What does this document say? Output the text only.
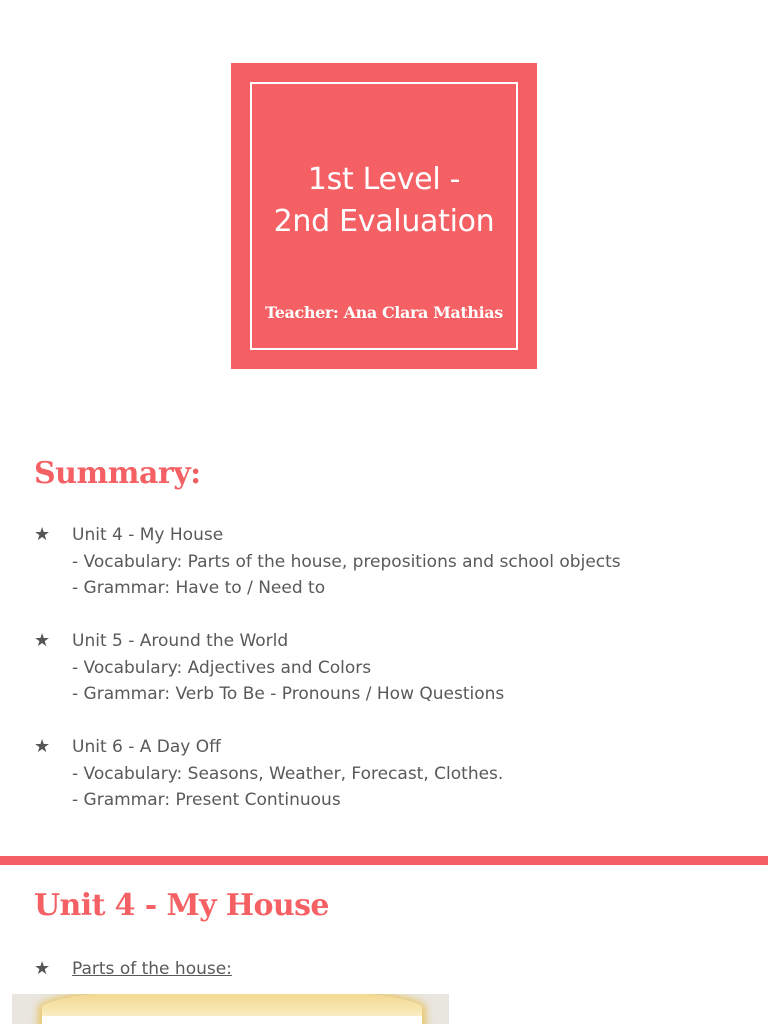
1st Level -
2nd Evaluation
Teacher: Ana Clara Mathias
Summary:
★ Unit 4 - My House
- Vocabulary: Parts of the house, prepositions and school objects
- Grammar: Have to / Need to
★ Unit 5 - Around the World
- Vocabulary: Adjectives and Colors
- Grammar: Verb To Be - Pronouns / How Questions
★ Unit 6 - A Day Off
- Vocabulary: Seasons, Weather, Forecast, Clothes.
- Grammar: Present Continuous
Unit 4 - My House
★ Parts of the house:
